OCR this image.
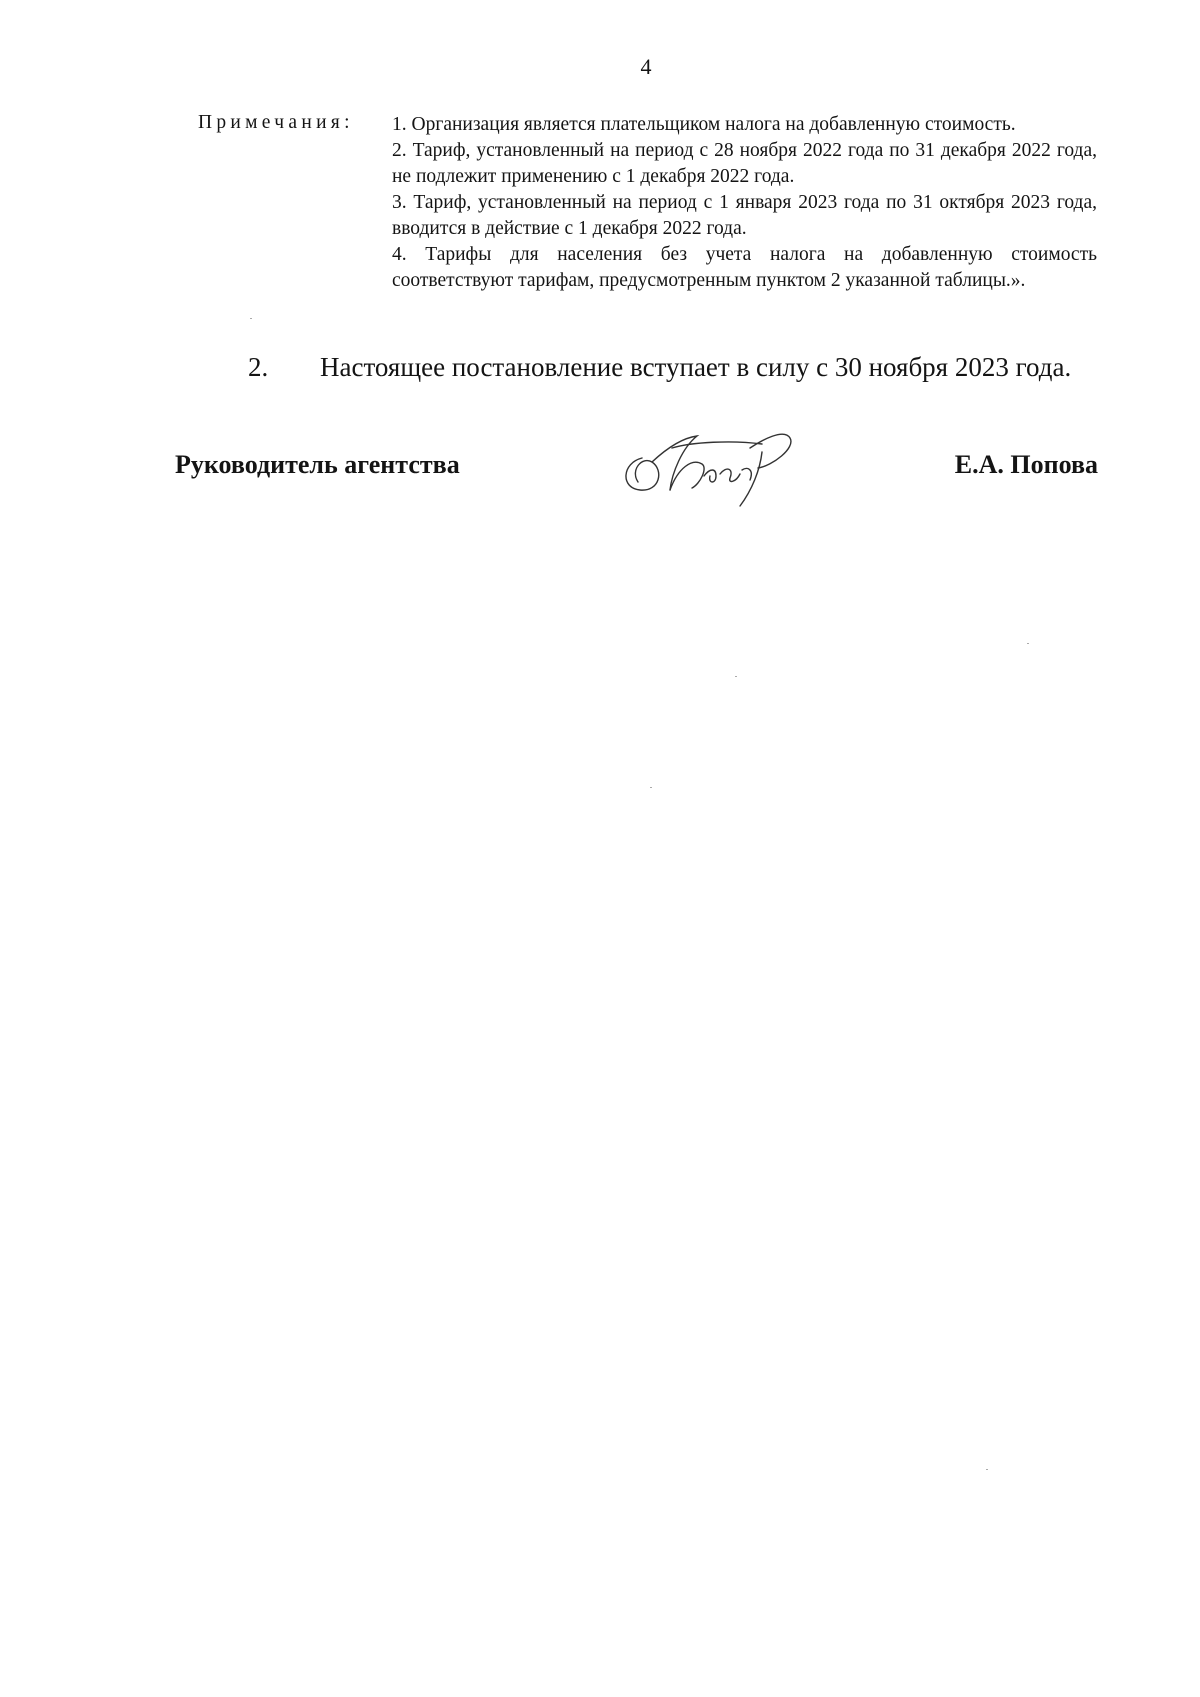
4
Примечания: 1. Организация является плательщиком налога на добавленную стоимость.

2. Тариф, установленный на период с 28 ноября 2022 года по 31 декабря 2022 года, не подлежит применению с 1 декабря 2022 года.

3. Тариф, установленный на период с 1 января 2023 года по 31 октября 2023 года, вводится в действие с 1 декабря 2022 года.

4. Тарифы для населения без учета налога на добавленную стоимость соответствуют тарифам, предусмотренным пунктом 2 указанной таблицы.».

2. Настоящее постановление вступает в силу с 30 ноября 2023 года.
Руководитель агентства	Е.А. Попова
